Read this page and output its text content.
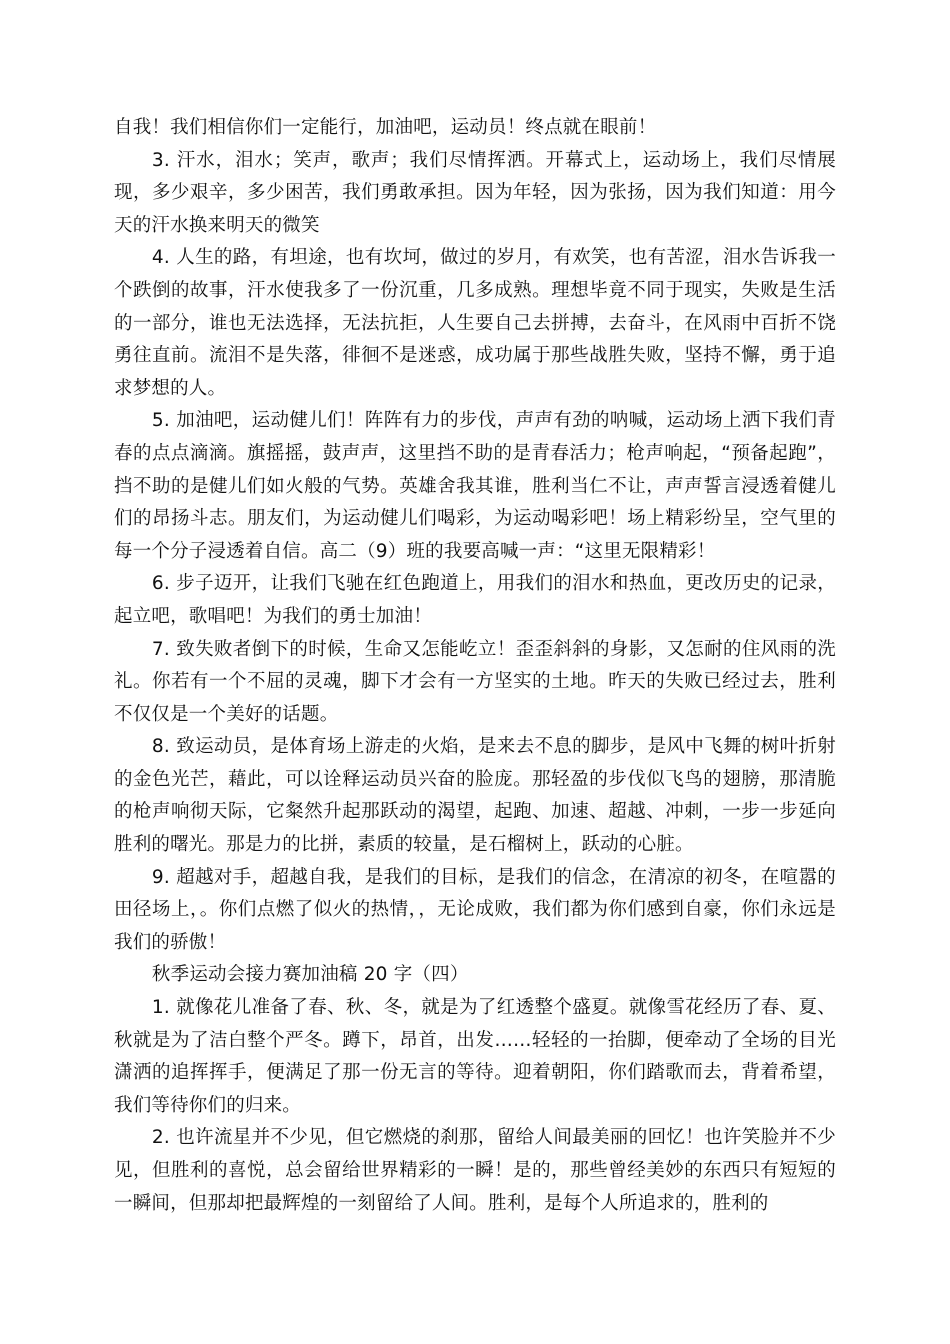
自我！我们相信你们一定能行，加油吧，运动员！终点就在眼前！

3. 汗水，泪水；笑声，歌声；我们尽情挥洒。开幕式上，运动场上，我们尽情展现，多少艰辛，多少困苦，我们勇敢承担。因为年轻，因为张扬，因为我们知道：用今天的汗水换来明天的微笑

4. 人生的路，有坦途，也有坎坷，做过的岁月，有欢笑，也有苦涩，泪水告诉我一个跌倒的故事，汗水使我多了一份沉重，几多成熟。理想毕竟不同于现实，失败是生活的一部分，谁也无法选择，无法抗拒，人生要自己去拼搏，去奋斗，在风雨中百折不饶勇往直前。流泪不是失落，徘徊不是迷惑，成功属于那些战胜失败，坚持不懈，勇于追求梦想的人。

5. 加油吧，运动健儿们！阵阵有力的步伐，声声有劲的呐喊，运动场上洒下我们青春的点点滴滴。旗摇摇，鼓声声，这里挡不助的是青春活力；枪声响起，“预备起跑”，挡不助的是健儿们如火般的气势。英雄舍我其谁，胜利当仁不让，声声誓言浸透着健儿们的昂扬斗志。朋友们，为运动健儿们喝彩，为运动喝彩吧！场上精彩纷呈，空气里的每一个分子浸透着自信。高二（9）班的我要高喊一声：“这里无限精彩！

6. 步子迈开，让我们飞驰在红色跑道上，用我们的泪水和热血，更改历史的记录，起立吧，歌唱吧！为我们的勇士加油！

7. 致失败者倒下的时候，生命又怎能屹立！歪歪斜斜的身影，又怎耐的住风雨的洗礼。你若有一个不屈的灵魂，脚下才会有一方坚实的土地。昨天的失败已经过去，胜利不仅仅是一个美好的话题。

8. 致运动员，是体育场上游走的火焰，是来去不息的脚步，是风中飞舞的树叶折射的金色光芒，藉此，可以诠释运动员兴奋的脸庞。那轻盈的步伐似飞鸟的翅膀，那清脆的枪声响彻天际，它粲然升起那跃动的渴望，起跑、加速、超越、冲刺，一步一步延向胜利的曙光。那是力的比拼，素质的较量，是石榴树上，跃动的心脏。

9. 超越对手，超越自我，是我们的目标，是我们的信念，在清凉的初冬，在喧嚣的田径场上，。你们点燃了似火的热情，，无论成败，我们都为你们感到自豪，你们永远是我们的骄傲！

秋季运动会接力赛加油稿 20 字（四）

1. 就像花儿准备了春、秋、冬，就是为了红透整个盛夏。就像雪花经历了春、夏、秋就是为了洁白整个严冬。蹲下，昂首，出发……轻轻的一抬脚，便牵动了全场的目光潇洒的追挥挥手，便满足了那一份无言的等待。迎着朝阳，你们踏歌而去，背着希望，我们等待你们的归来。

2. 也许流星并不少见，但它燃烧的刹那，留给人间最美丽的回忆！也许笑脸并不少见，但胜利的喜悦，总会留给世界精彩的一瞬！是的，那些曾经美妙的东西只有短短的一瞬间，但那却把最辉煌的一刻留给了人间。胜利，是每个人所追求的，胜利的
